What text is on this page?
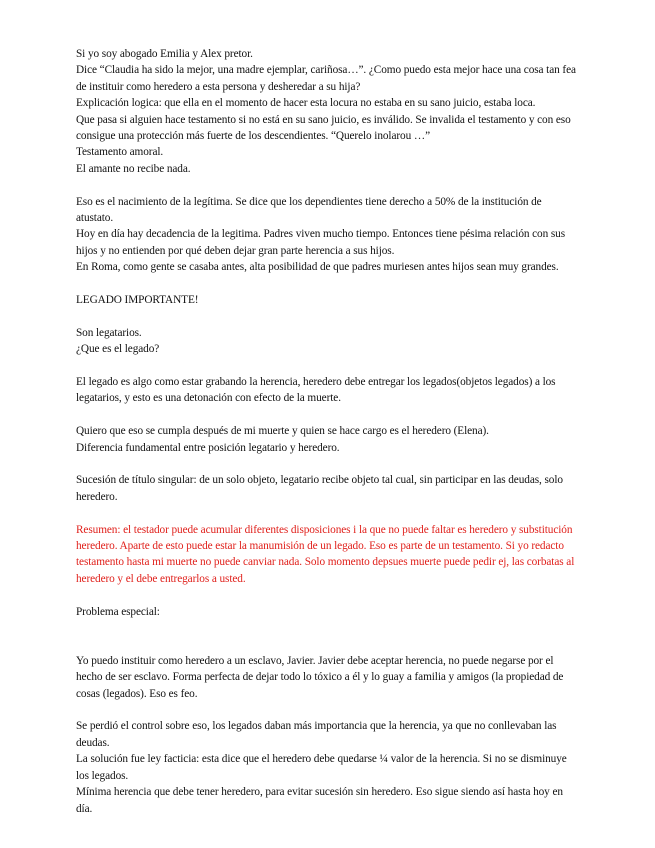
Si yo soy abogado Emilia y Alex pretor.
Dice “Claudia ha sido la mejor, una madre ejemplar, cariñosa…”. ¿Como puedo esta mejor hace una cosa tan fea de instituir como heredero a esta persona y desheredar a su hija?
Explicación logica: que ella en el momento de hacer esta locura no estaba en su sano juicio, estaba loca.
Que pasa si alguien hace testamento si no está en su sano juicio, es inválido. Se invalida el testamento y con eso consigue una protección más fuerte de los descendientes. “Querelo inolarou …”
Testamento amoral.
El amante no recibe nada.
Eso es el nacimiento de la legítima. Se dice que los dependientes tiene derecho a 50% de la institución de atustato.
Hoy en día hay decadencia de la legitima. Padres viven mucho tiempo. Entonces tiene pésima relación con sus hijos y no entienden por qué deben dejar gran parte herencia a sus hijos.
En Roma, como gente se casaba antes, alta posibilidad de que padres muriesen antes hijos sean muy grandes.
LEGADO IMPORTANTE!
Son legatarios.
¿Que es el legado?
El legado es algo como estar grabando la herencia, heredero debe entregar los legados(objetos legados) a los legatarios, y esto es una detonación con efecto de la muerte.
Quiero que eso se cumpla después de mi muerte y quien se hace cargo es el heredero (Elena).
Diferencia fundamental entre posición legatario y heredero.
Sucesión de título singular: de un solo objeto, legatario recibe objeto tal cual, sin participar en las deudas, solo heredero.
Resumen: el testador puede acumular diferentes disposiciones i la que no puede faltar es heredero y substitución heredero. Aparte de esto puede estar la manumisión de un legado. Eso es parte de un testamento. Si yo redacto testamento hasta mi muerte no puede canviar nada. Solo momento depsues muerte puede pedir ej, las corbatas al heredero y el debe entregarlos a usted.
Problema especial:
Yo puedo instituir como heredero a un esclavo, Javier. Javier debe aceptar herencia, no puede negarse por el hecho de ser esclavo. Forma perfecta de dejar todo lo tóxico a él y lo guay a familia y amigos (la propiedad de cosas (legados). Eso es feo.
Se perdió el control sobre eso, los legados daban más importancia que la herencia, ya que no conllevaban las deudas.
La solución fue ley facticia: esta dice que el heredero debe quedarse ¼ valor de la herencia. Si no se disminuye los legados.
Mínima herencia que debe tener heredero, para evitar sucesión sin heredero. Eso sigue siendo así hasta hoy en día.
